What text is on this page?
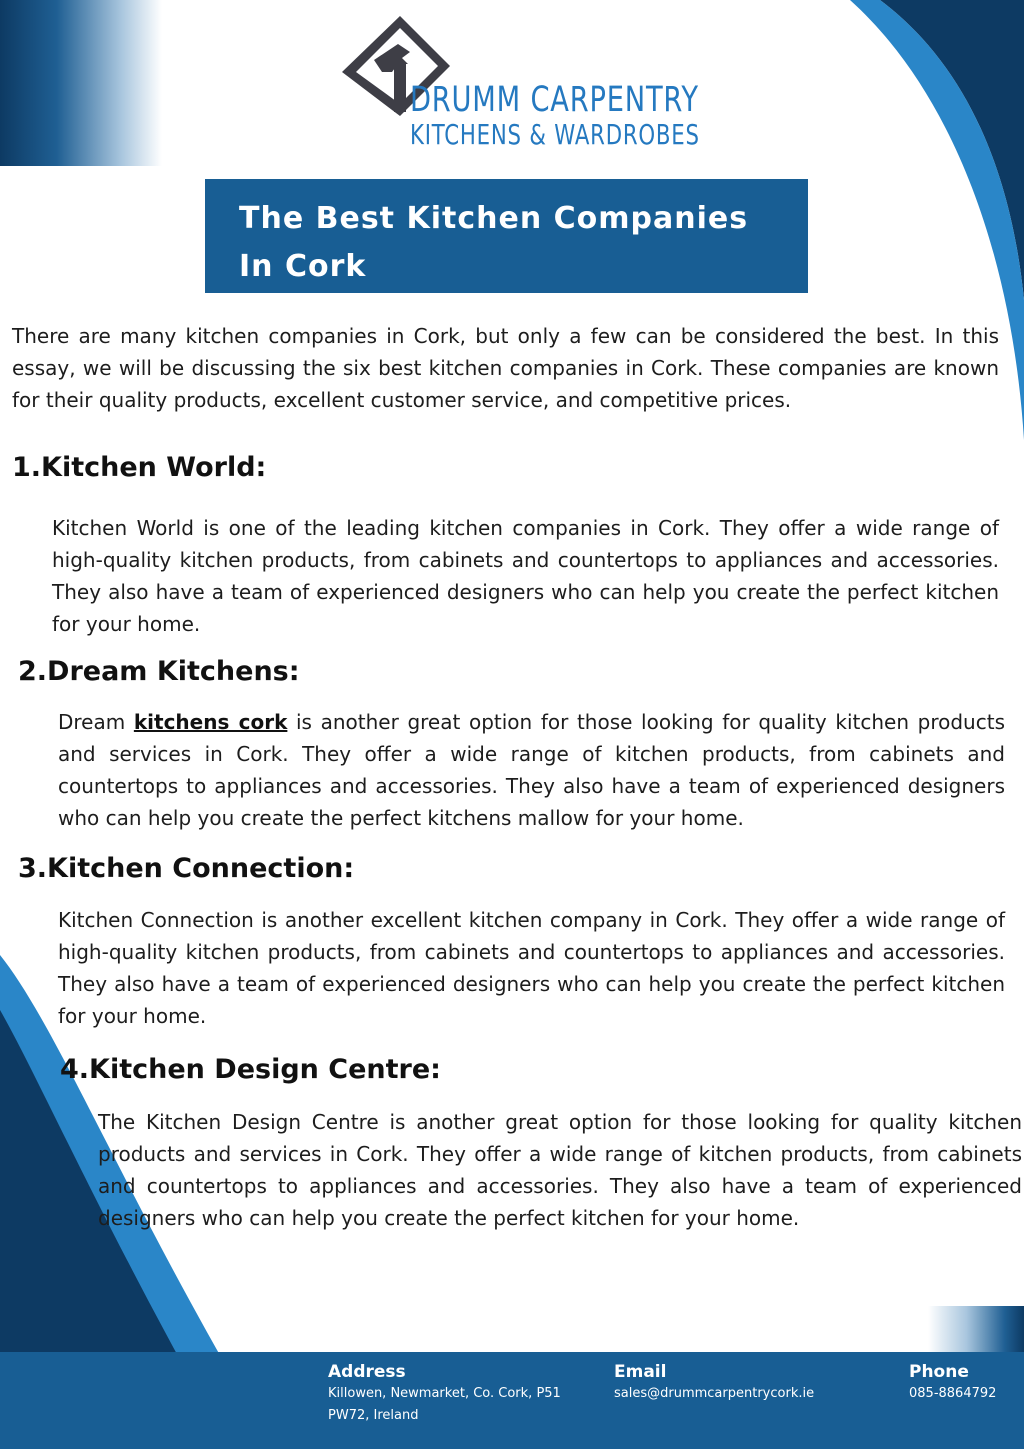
DRUMM CARPENTRY
KITCHENS & WARDROBES
The Best Kitchen Companies In Cork

There are many kitchen companies in Cork, but only a few can be considered the best. In this essay, we will be discussing the six best kitchen companies in Cork. These companies are known for their quality products, excellent customer service, and competitive prices.

1.Kitchen World:

Kitchen World is one of the leading kitchen companies in Cork. They offer a wide range of high-quality kitchen products, from cabinets and countertops to appliances and accessories. They also have a team of experienced designers who can help you create the perfect kitchen for your home.

2.Dream Kitchens:

Dream kitchens cork is another great option for those looking for quality kitchen products and services in Cork. They offer a wide range of kitchen products, from cabinets and countertops to appliances and accessories. They also have a team of experienced designers who can help you create the perfect kitchens mallow for your home.

3.Kitchen Connection:

Kitchen Connection is another excellent kitchen company in Cork. They offer a wide range of high-quality kitchen products, from cabinets and countertops to appliances and accessories. They also have a team of experienced designers who can help you create the perfect kitchen for your home.

4.Kitchen Design Centre:

The Kitchen Design Centre is another great option for those looking for quality kitchen products and services in Cork. They offer a wide range of kitchen products, from cabinets and countertops to appliances and accessories. They also have a team of experienced designers who can help you create the perfect kitchen for your home.

Address
Killowen, Newmarket, Co. Cork, P51
PW72, Ireland
Email
sales@drummcarpentrycork.ie
Phone
085-8864792
